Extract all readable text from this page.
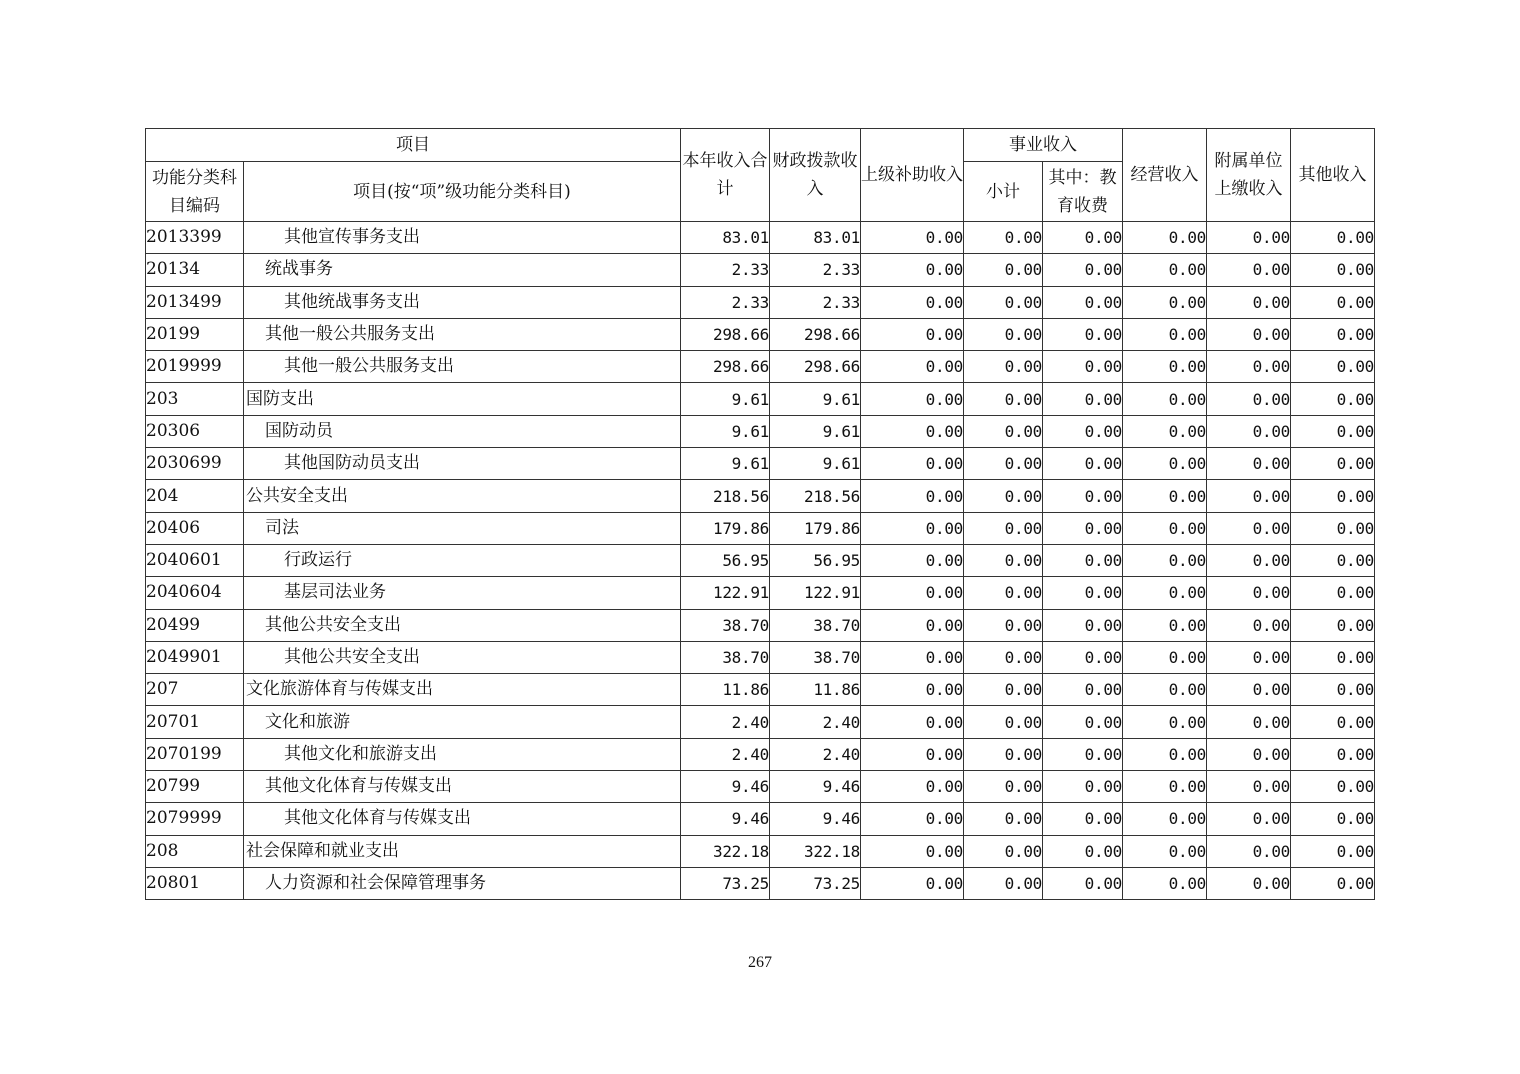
项目		本年收入合计	财政拨款收入	上级补助收入	事业收入		经营收入	附属单位上缴收入	其他收入
功能分类科目编码	项目(按“项”级功能分类科目)				小计	其中：教育收费			
2013399	其他宣传事务支出	83.01	83.01	0.00	0.00	0.00	0.00	0.00	0.00
20134	统战事务	2.33	2.33	0.00	0.00	0.00	0.00	0.00	0.00
2013499	其他统战事务支出	2.33	2.33	0.00	0.00	0.00	0.00	0.00	0.00
20199	其他一般公共服务支出	298.66	298.66	0.00	0.00	0.00	0.00	0.00	0.00
2019999	其他一般公共服务支出	298.66	298.66	0.00	0.00	0.00	0.00	0.00	0.00
203	国防支出	9.61	9.61	0.00	0.00	0.00	0.00	0.00	0.00
20306	国防动员	9.61	9.61	0.00	0.00	0.00	0.00	0.00	0.00
2030699	其他国防动员支出	9.61	9.61	0.00	0.00	0.00	0.00	0.00	0.00
204	公共安全支出	218.56	218.56	0.00	0.00	0.00	0.00	0.00	0.00
20406	司法	179.86	179.86	0.00	0.00	0.00	0.00	0.00	0.00
2040601	行政运行	56.95	56.95	0.00	0.00	0.00	0.00	0.00	0.00
2040604	基层司法业务	122.91	122.91	0.00	0.00	0.00	0.00	0.00	0.00
20499	其他公共安全支出	38.70	38.70	0.00	0.00	0.00	0.00	0.00	0.00
2049901	其他公共安全支出	38.70	38.70	0.00	0.00	0.00	0.00	0.00	0.00
207	文化旅游体育与传媒支出	11.86	11.86	0.00	0.00	0.00	0.00	0.00	0.00
20701	文化和旅游	2.40	2.40	0.00	0.00	0.00	0.00	0.00	0.00
2070199	其他文化和旅游支出	2.40	2.40	0.00	0.00	0.00	0.00	0.00	0.00
20799	其他文化体育与传媒支出	9.46	9.46	0.00	0.00	0.00	0.00	0.00	0.00
2079999	其他文化体育与传媒支出	9.46	9.46	0.00	0.00	0.00	0.00	0.00	0.00
208	社会保障和就业支出	322.18	322.18	0.00	0.00	0.00	0.00	0.00	0.00
20801	人力资源和社会保障管理事务	73.25	73.25	0.00	0.00	0.00	0.00	0.00	0.00
267
